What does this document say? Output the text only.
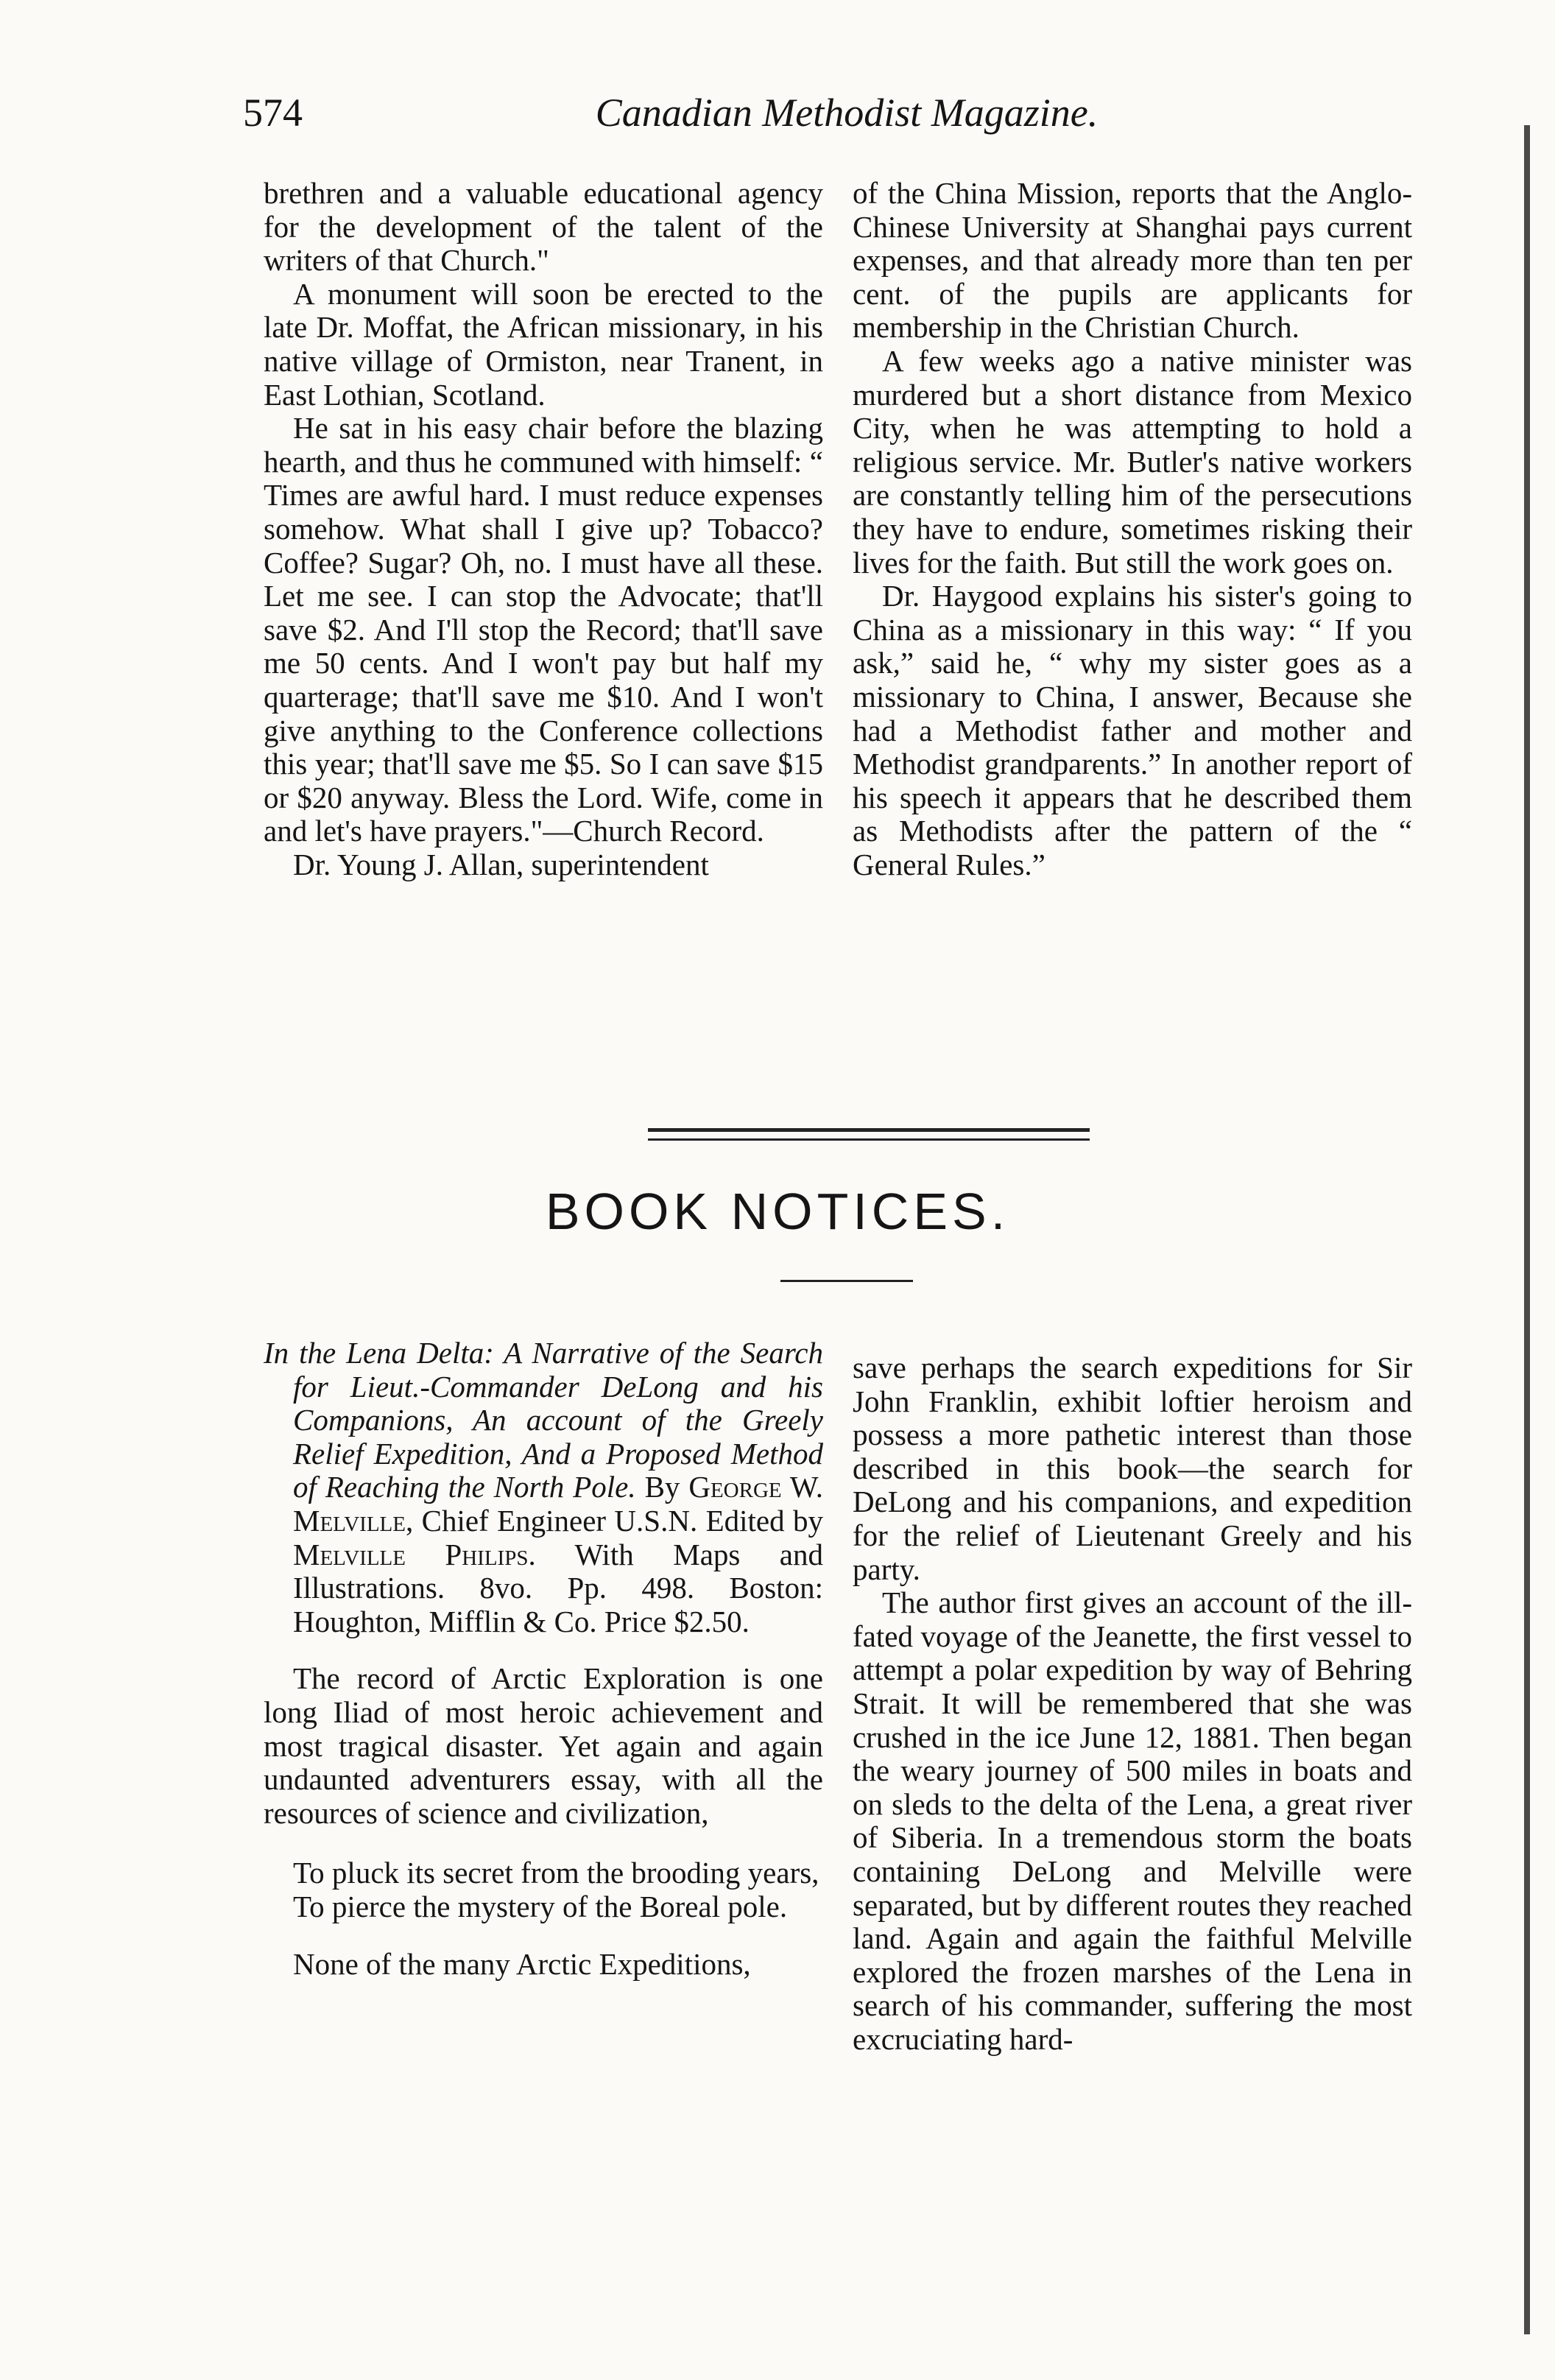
574	Canadian Methodist Magazine.

brethren and a valuable educational agency for the development of the talent of the writers of that Church."

A monument will soon be erected to the late Dr. Moffat, the African missionary, in his native village of Ormiston, near Tranent, in East Lothian, Scotland.

He sat in his easy chair before the blazing hearth, and thus he communed with himself: “ Times are awful hard. I must reduce expenses somehow. What shall I give up? Tobacco? Coffee? Sugar? Oh, no. I must have all these. Let me see. I can stop the Advocate; that'll save $2. And I'll stop the Record; that'll save me 50 cents. And I won't pay but half my quarterage; that'll save me $10. And I won't give anything to the Conference collections this year; that'll save me $5. So I can save $15 or $20 anyway. Bless the Lord. Wife, come in and let's have prayers."—Church Record.

Dr. Young J. Allan, superintendent

of the China Mission, reports that the Anglo-Chinese University at Shanghai pays current expenses, and that already more than ten per cent. of the pupils are applicants for membership in the Christian Church.

A few weeks ago a native minister was murdered but a short distance from Mexico City, when he was attempting to hold a religious service. Mr. Butler's native workers are constantly telling him of the persecutions they have to endure, sometimes risking their lives for the faith. But still the work goes on.

Dr. Haygood explains his sister's going to China as a missionary in this way: “ If you ask,” said he, “ why my sister goes as a missionary to China, I answer, Because she had a Methodist father and mother and Methodist grandparents.” In another report of his speech it appears that he described them as Methodists after the pattern of the “ General Rules.”

BOOK NOTICES.

In the Lena Delta: A Narrative of the Search for Lieut.-Commander DeLong and his Companions, An account of the Greely Relief Expedition, And a Proposed Method of Reaching the North Pole. By George W. Melville, Chief Engineer U.S.N. Edited by Melville Philips. With Maps and Illustrations. 8vo. Pp. 498. Boston: Houghton, Mifflin & Co. Price $2.50.

The record of Arctic Exploration is one long Iliad of most heroic achievement and most tragical disaster. Yet again and again undaunted adventurers essay, with all the resources of science and civilization,

To pluck its secret from the brooding years,
To pierce the mystery of the Boreal pole.

None of the many Arctic Expeditions,

save perhaps the search expeditions for Sir John Franklin, exhibit loftier heroism and possess a more pathetic interest than those described in this book—the search for DeLong and his companions, and expedition for the relief of Lieutenant Greely and his party.

The author first gives an account of the ill-fated voyage of the Jeanette, the first vessel to attempt a polar expedition by way of Behring Strait. It will be remembered that she was crushed in the ice June 12, 1881. Then began the weary journey of 500 miles in boats and on sleds to the delta of the Lena, a great river of Siberia. In a tremendous storm the boats containing DeLong and Melville were separated, but by different routes they reached land. Again and again the faithful Melville explored the frozen marshes of the Lena in search of his commander, suffering the most excruciating hard-
